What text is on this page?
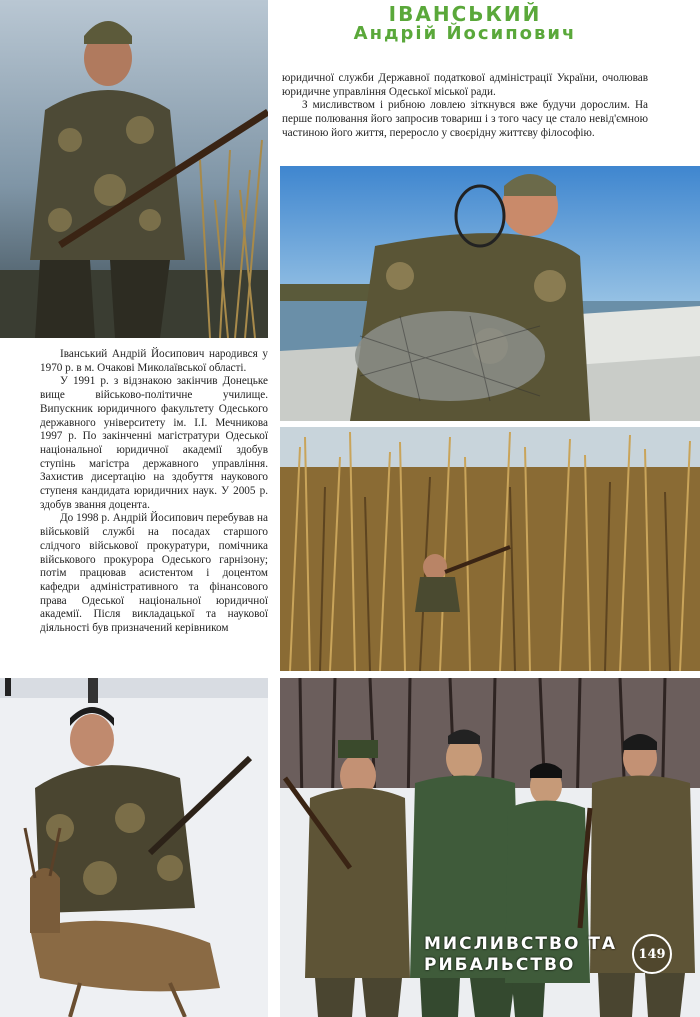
ІВАНСЬКИЙ
Андрій Йосипович

юридичної служби Державної податкової адміністрації України, очолював юридичне управління Одеської міської ради.

З мисливством і рибною ловлею зіткнувся вже будучи дорослим. На перше полювання його запросив товариш і з того часу це стало невід'ємною частиною його життя, переросло у своєрідну життєву філософію.

Іванський Андрій Йосипович народився у 1970 р. в м. Очакові Миколаївської області.

У 1991 р. з відзнакою закінчив Донецьке вище військово-політичне училище. Випускник юридичного факультету Одеського державного університету ім. І.І. Мечникова 1997 р. По закінченні магістратури Одеської національної юридичної академії здобув ступінь магістра державного управління. Захистив дисертацію на здобуття наукового ступеня кандидата юридичних наук. У 2005 р. здобув звання доцента.

До 1998 р. Андрій Йосипович перебував на військовій службі на посадах старшого слідчого військової прокуратури, помічника військового прокурора Одеського гарнізону; потім працював асистентом і доцентом кафедри адміністративного та фінансового права Одеської національної юридичної академії. Після викладацької та наукової діяльності був призначений керівником

МИСЛИВСТВО ТА
РИБАЛЬСТВО
149
